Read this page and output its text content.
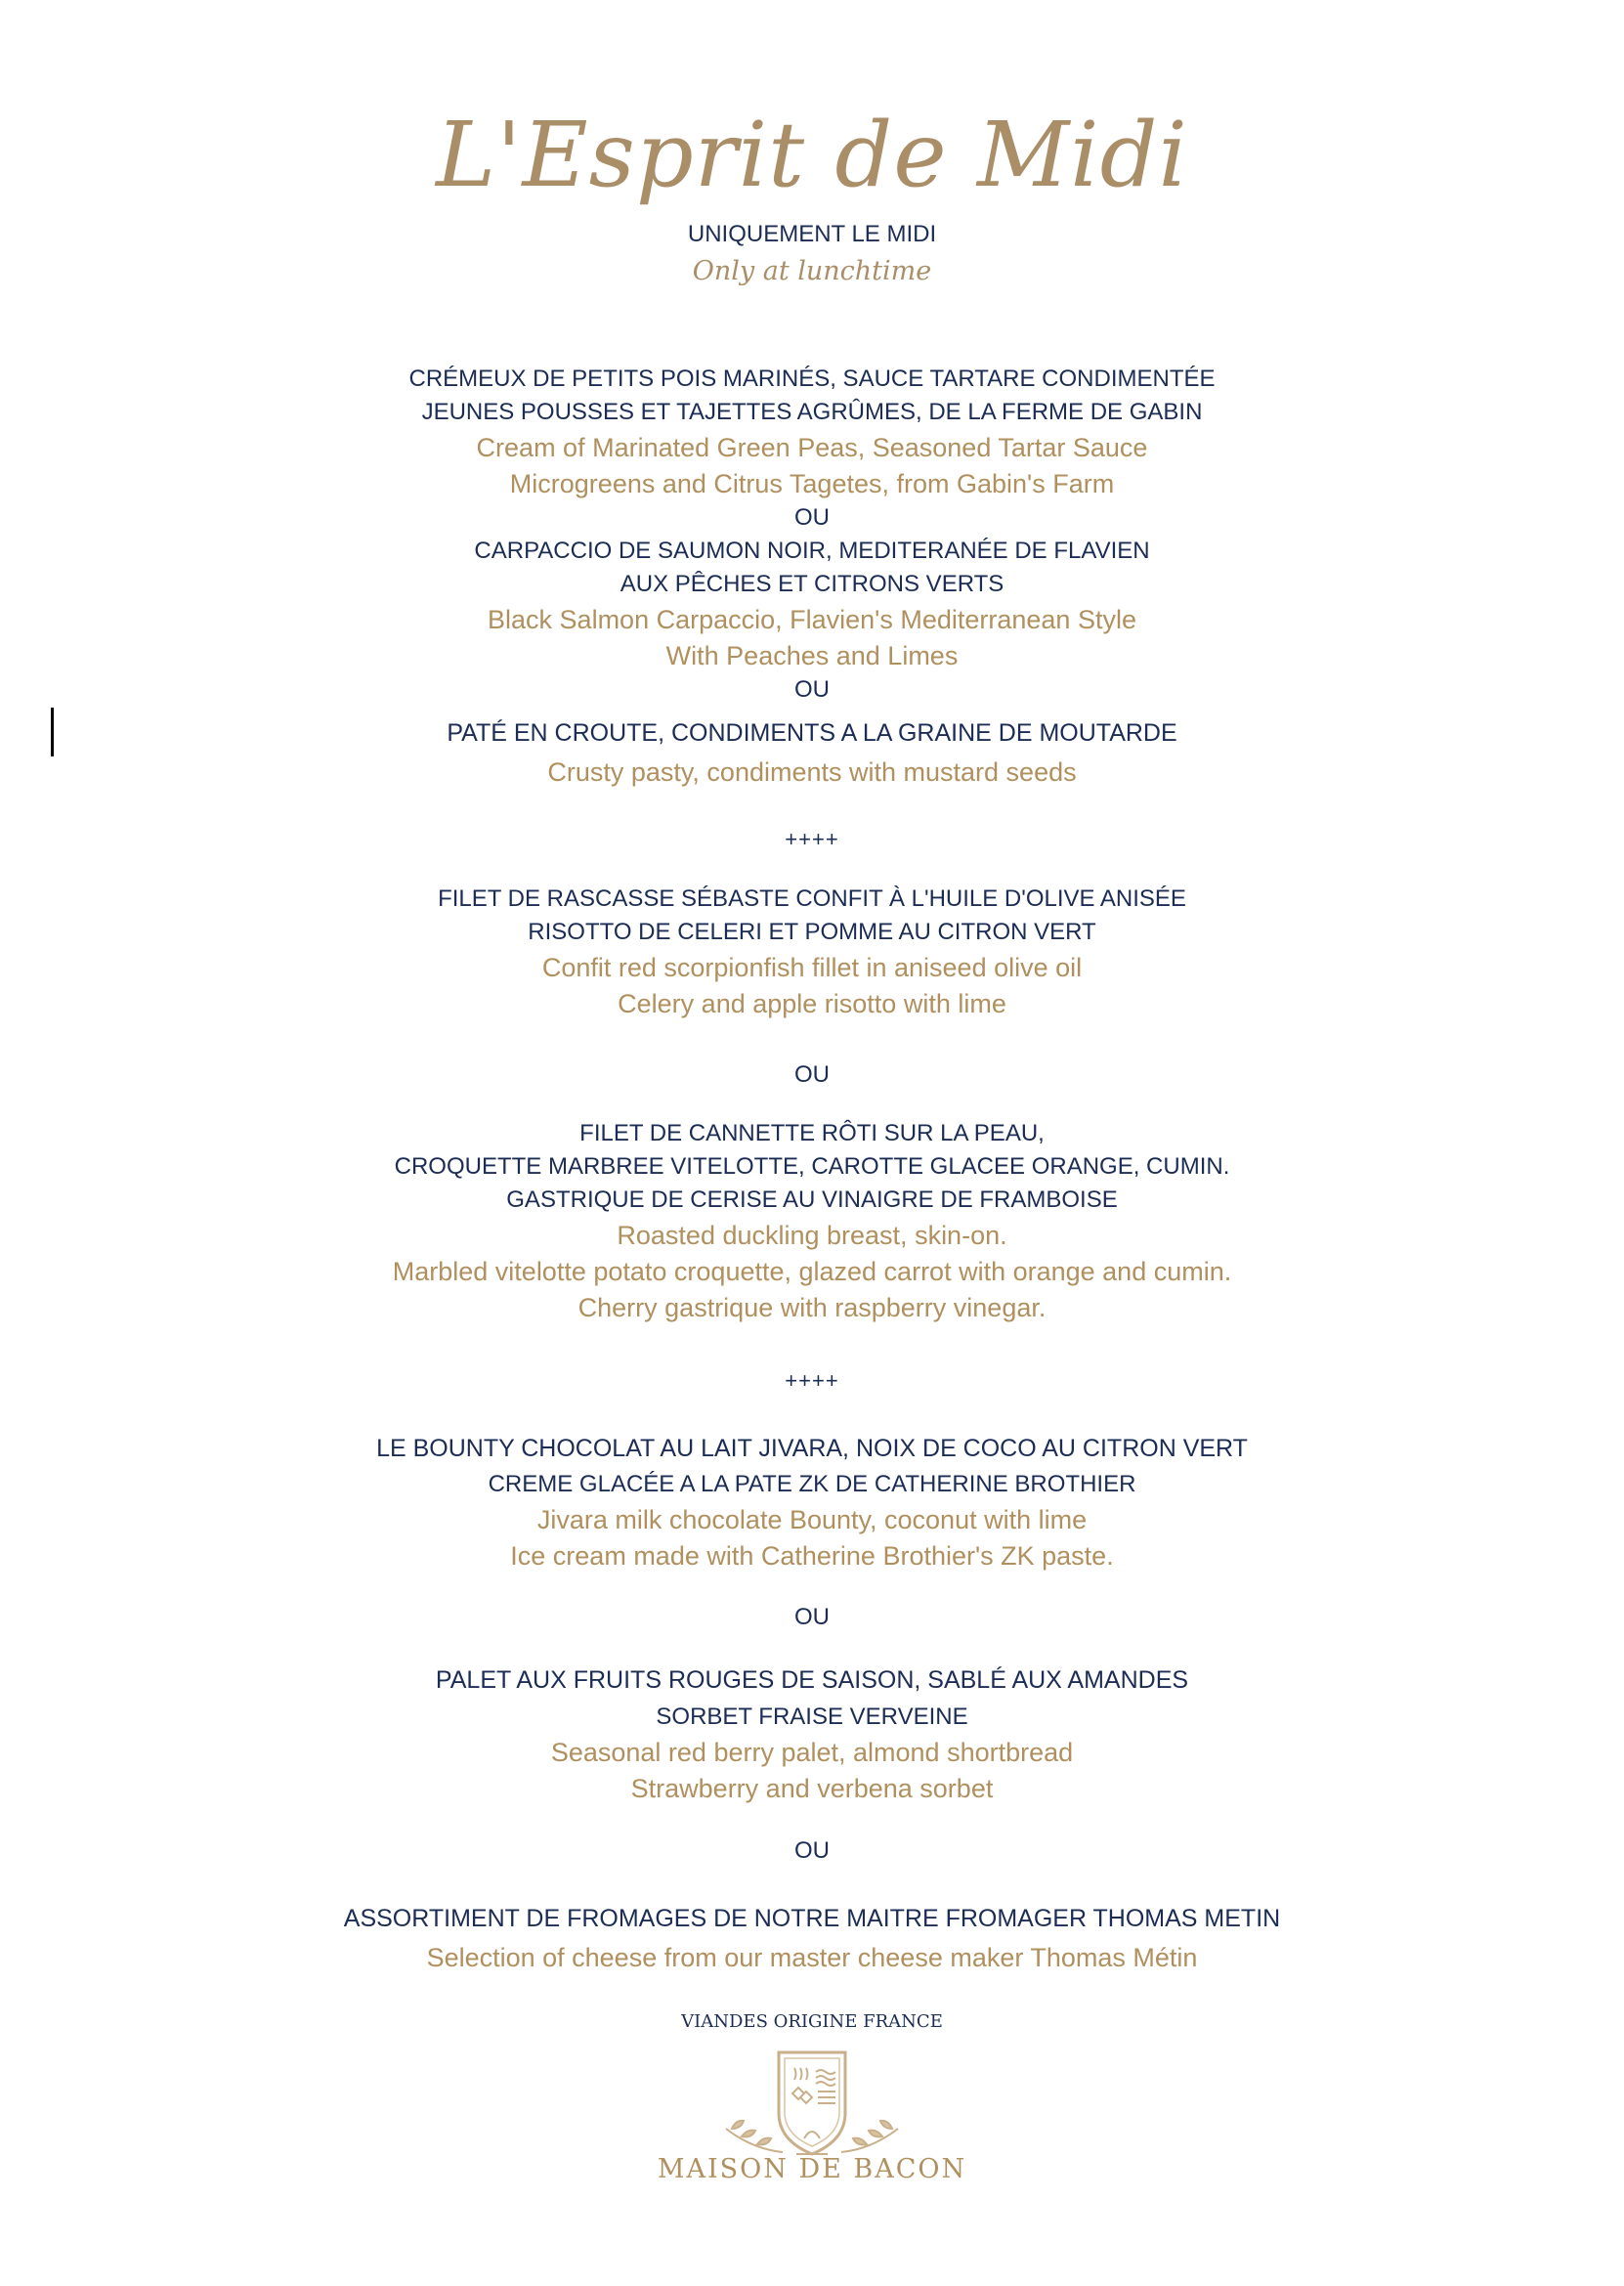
L'Esprit de Midi
UNIQUEMENT LE MIDI
Only at lunchtime
CRÉMEUX DE PETITS POIS MARINÉS, SAUCE TARTARE CONDIMENTÉE
JEUNES POUSSES ET TAJETTES AGRÛMES, DE LA FERME DE GABIN
Cream of Marinated Green Peas, Seasoned Tartar Sauce
Microgreens and Citrus Tagetes, from Gabin's Farm
OU
CARPACCIO DE SAUMON NOIR, MEDITERANÉE DE FLAVIEN
AUX PÊCHES ET CITRONS VERTS
Black Salmon Carpaccio, Flavien's Mediterranean Style
With Peaches and Limes
OU
PATÉ EN CROUTE, CONDIMENTS A LA GRAINE DE MOUTARDE
Crusty pasty, condiments with mustard seeds
++++
FILET DE RASCASSE SÉBASTE CONFIT À L'HUILE D'OLIVE ANISÉE
RISOTTO DE CELERI ET POMME AU CITRON VERT
Confit red scorpionfish fillet in aniseed olive oil
Celery and apple risotto with lime
OU
FILET DE CANNETTE RÔTI SUR LA PEAU,
CROQUETTE MARBREE VITELOTTE, CAROTTE GLACEE ORANGE, CUMIN.
GASTRIQUE DE CERISE AU VINAIGRE DE FRAMBOISE
Roasted duckling breast, skin-on.
Marbled vitelotte potato croquette, glazed carrot with orange and cumin.
Cherry gastrique with raspberry vinegar.
++++
LE BOUNTY CHOCOLAT AU LAIT JIVARA, NOIX DE COCO AU CITRON VERT
CREME GLACÉE A LA PATE ZK DE CATHERINE BROTHIER
Jivara milk chocolate Bounty, coconut with lime
Ice cream made with Catherine Brothier's ZK paste.
OU
PALET AUX FRUITS ROUGES DE SAISON, SABLÉ AUX AMANDES
SORBET FRAISE VERVEINE
Seasonal red berry palet, almond shortbread
Strawberry and verbena sorbet
OU
ASSORTIMENT DE FROMAGES DE NOTRE MAITRE FROMAGER THOMAS METIN
Selection of cheese from our master cheese maker Thomas Métin
VIANDES ORIGINE FRANCE
MAISON DE BACON
